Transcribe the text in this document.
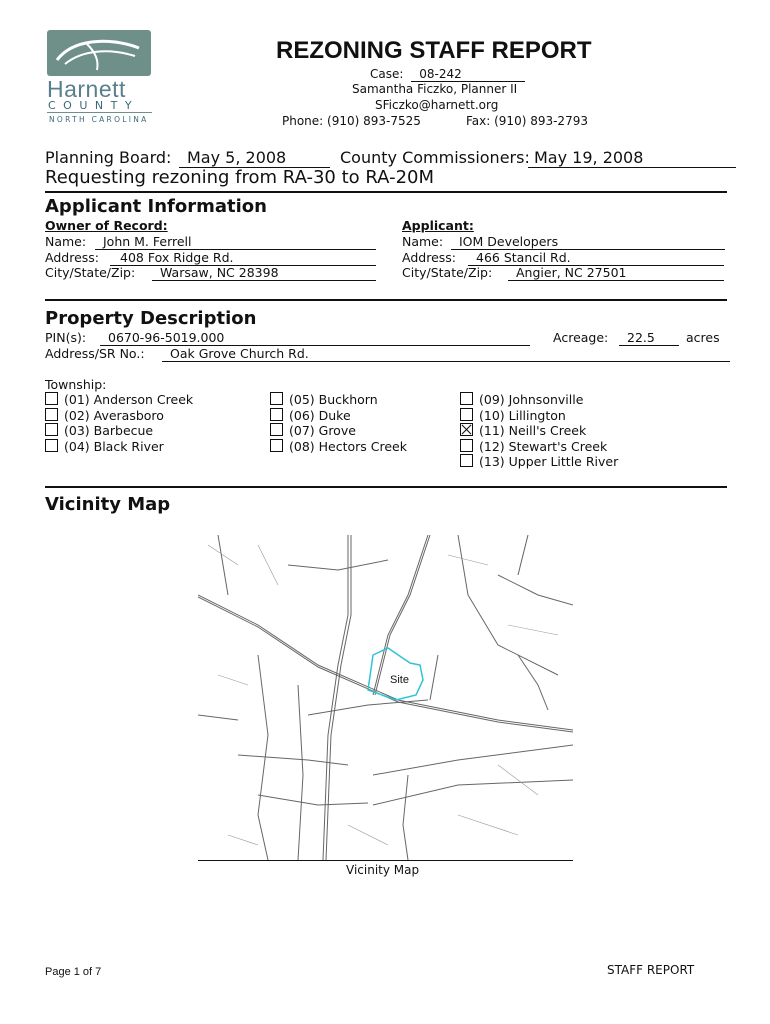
Harnett
COUNTY
NORTH CAROLINA
REZONING STAFF REPORT
Case: 08-242
Samantha Ficzko, Planner II
SFiczko@harnett.org
Phone: (910) 893-7525	Fax: (910) 893-2793
Planning Board: May 5, 2008	County Commissioners: May 19, 2008
Requesting rezoning from RA-30 to RA-20M
Applicant Information
Owner of Record:
Name:	John M. Ferrell
Address:	408 Fox Ridge Rd.
City/State/Zip:	Warsaw, NC 28398
Applicant:
Name:	IOM Developers
Address:	466 Stancil Rd.
City/State/Zip:	Angier, NC 27501
Property Description
PIN(s):	0670-96-5019.000	Acreage:	22.5	acres
Address/SR No.:	Oak Grove Church Rd.
Township:
(01) Anderson Creek
(02) Averasboro
(03) Barbecue
(04) Black River
(05) Buckhorn
(06) Duke
(07) Grove
(08) Hectors Creek
(09) Johnsonville
(10) Lillington
(11) Neill's Creek
(12) Stewart's Creek
(13) Upper Little River
Vicinity Map
Site
Vicinity Map
Page 1 of 7	STAFF REPORT
